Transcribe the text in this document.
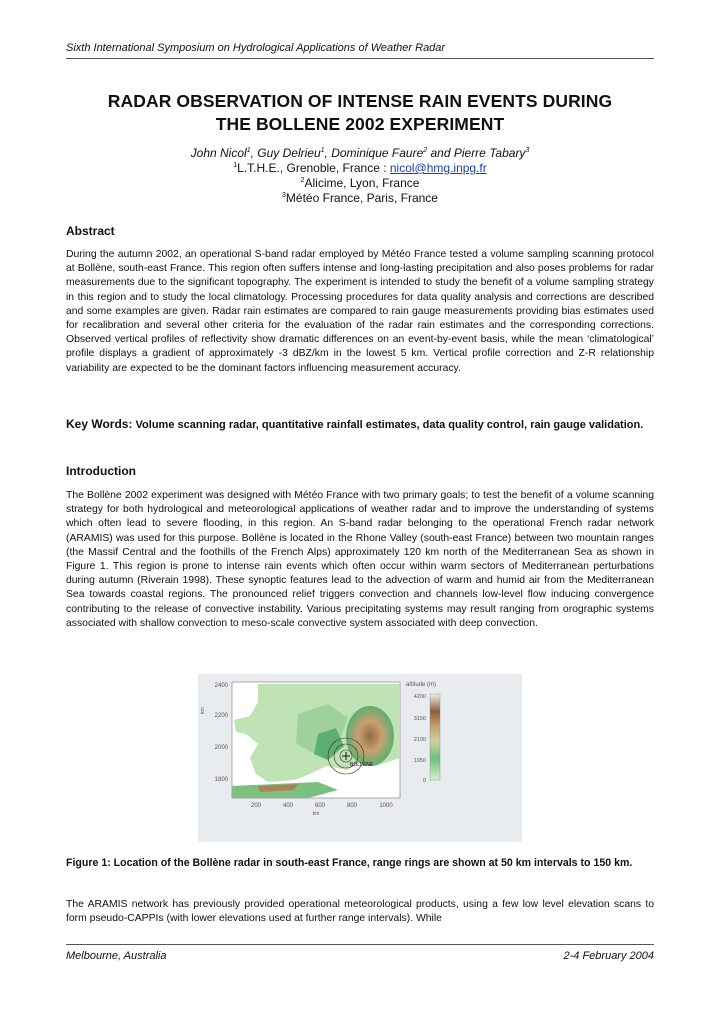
Sixth International Symposium on Hydrological Applications of Weather Radar
RADAR OBSERVATION OF INTENSE RAIN EVENTS DURING
THE BOLLENE 2002 EXPERIMENT
John Nicol$^1$, Guy Delrieu$^1$, Dominique Faure$^2$ and Pierre Tabary$^3$
$^1$L.T.H.E., Grenoble, France : nicol@hmg.inpg.fr
$^2$Alicime, Lyon, France
$^3$Météo France, Paris, France
Abstract
During the autumn 2002, an operational S-band radar employed by Météo France tested a volume sampling scanning protocol at Bollène, south-east France. This region often suffers intense and long-lasting precipitation and also poses problems for radar measurements due to the significant topography. The experiment is intended to study the benefit of a volume sampling strategy in this region and to study the local climatology. Processing procedures for data quality analysis and corrections are described and some examples are given. Radar rain estimates are compared to rain gauge measurements providing bias estimates used for recalibration and several other criteria for the evaluation of the radar rain estimates and the corresponding corrections. Observed vertical profiles of reflectivity show dramatic differences on an event-by-event basis, while the mean ‘climatological’ profile displays a gradient of approximately -3 dBZ/km in the lowest 5 km. Vertical profile correction and Z-R relationship variability are expected to be the dominant factors influencing measurement accuracy.
Key Words: Volume scanning radar, quantitative rainfall estimates, data quality control, rain gauge validation.
Introduction
The Bollène 2002 experiment was designed with Météo France with two primary goals; to test the benefit of a volume scanning strategy for both hydrological and meteorological applications of weather radar and to improve the understanding of systems which often lead to severe flooding, in this region. An S-band radar belonging to the operational French radar network (ARAMIS) was used for this purpose. Bollène is located in the Rhone Valley (south-east France) between two mountain ranges (the Massif Central and the foothills of the French Alps) approximately 120 km north of the Mediterranean Sea as shown in Figure 1. This region is prone to intense rain events which often occur within warm sectors of Mediterranean perturbations during autumn (Riverain 1998). These synoptic features lead to the advection of warm and humid air from the Mediterranean Sea towards coastal regions. The pronounced relief triggers convection and channels low-level flow inducing convergence contributing to the release of convective instability. Various precipitating systems may result ranging from orographic systems associated with shallow convection to meso-scale convective system associated with deep convection.
BOLLENE
2400
2200
2000
1800
km
200	400	600	800	1000
km
altitude (m)
4200
3150
2100
1050
0
Figure 1: Location of the Bollène radar in south-east France, range rings are shown at 50 km intervals to 150 km.
The ARAMIS network has previously provided operational meteorological products, using a few low level elevation scans to form pseudo-CAPPIs (with lower elevations used at further range intervals). While
Melbourne, Australia	2-4 February 2004
